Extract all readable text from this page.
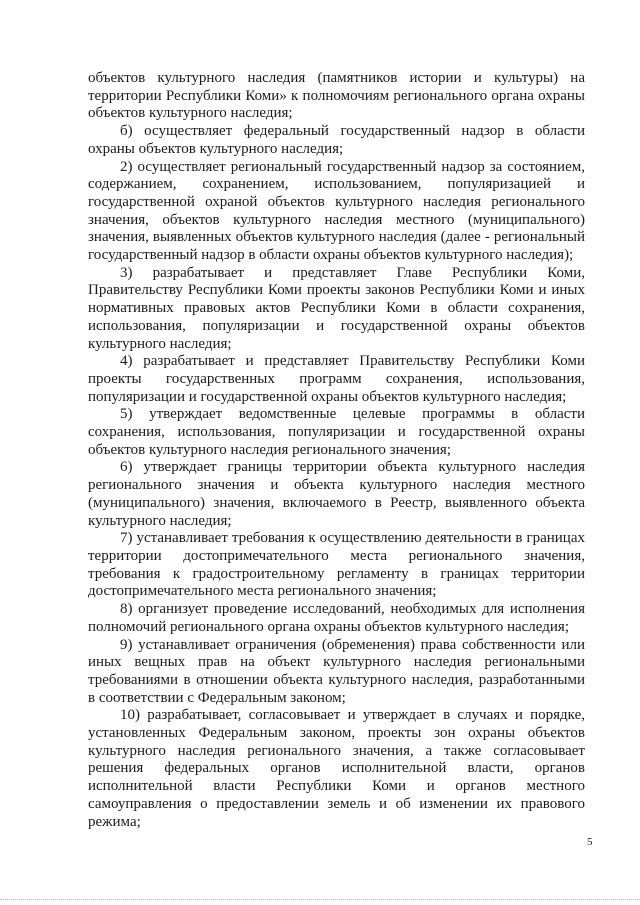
объектов культурного наследия (памятников истории и культуры) на территории Республики Коми» к полномочиям регионального органа охраны объектов культурного наследия;

б) осуществляет федеральный государственный надзор в области охраны объектов культурного наследия;

2) осуществляет региональный государственный надзор за состоянием, содержанием, сохранением, использованием, популяризацией и государственной охраной объектов культурного наследия регионального значения, объектов культурного наследия местного (муниципального) значения, выявленных объектов культурного наследия (далее - региональный государственный надзор в области охраны объектов культурного наследия);

3) разрабатывает и представляет Главе Республики Коми, Правительству Республики Коми проекты законов Республики Коми и иных нормативных правовых актов Республики Коми в области сохранения, использования, популяризации и государственной охраны объектов культурного наследия;

4) разрабатывает и представляет Правительству Республики Коми проекты государственных программ сохранения, использования, популяризации и государственной охраны объектов культурного наследия;

5) утверждает ведомственные целевые программы в области сохранения, использования, популяризации и государственной охраны объектов культурного наследия регионального значения;

6) утверждает границы территории объекта культурного наследия регионального значения и объекта культурного наследия местного (муниципального) значения, включаемого в Реестр, выявленного объекта культурного наследия;

7) устанавливает требования к осуществлению деятельности в границах территории достопримечательного места регионального значения, требования к градостроительному регламенту в границах территории достопримечательного места регионального значения;

8) организует проведение исследований, необходимых для исполнения полномочий регионального органа охраны объектов культурного наследия;

9) устанавливает ограничения (обременения) права собственности или иных вещных прав на объект культурного наследия региональными требованиями в отношении объекта культурного наследия, разработанными в соответствии с Федеральным законом;

10) разрабатывает, согласовывает и утверждает в случаях и порядке, установленных Федеральным законом, проекты зон охраны объектов культурного наследия регионального значения, а также согласовывает решения федеральных органов исполнительной власти, органов исполнительной власти Республики Коми и органов местного самоуправления о предоставлении земель и об изменении их правового режима;

5
